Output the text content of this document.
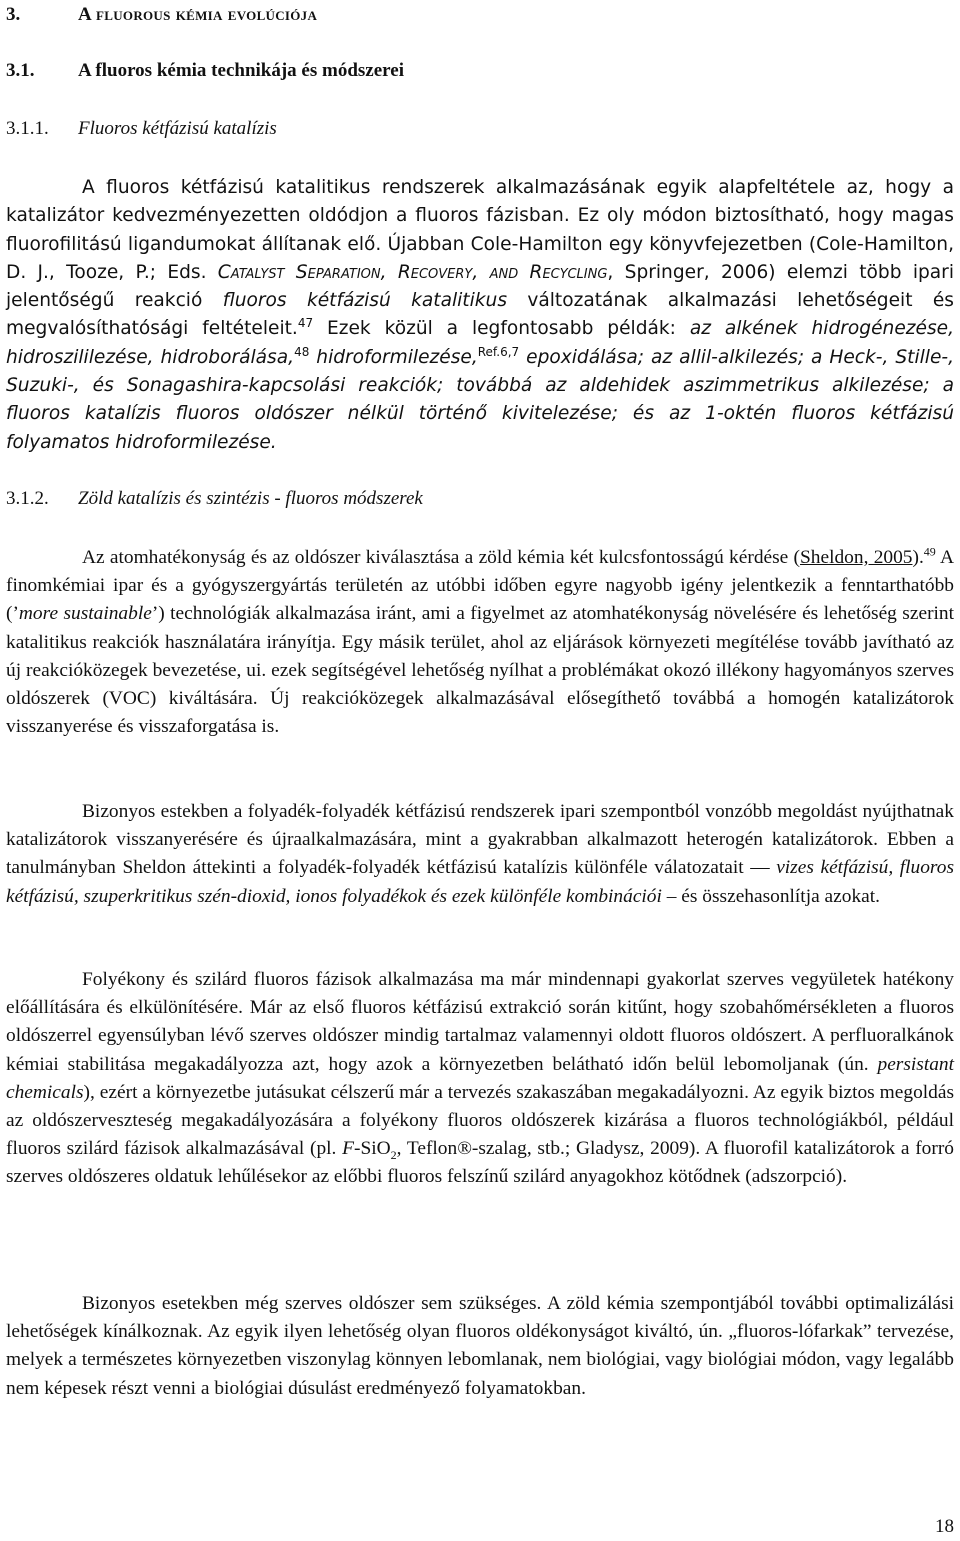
3.	A fluorous kémia evolúciója
3.1. A fluoros kémia technikája és módszerei
3.1.1. Fluoros kétfázisú katalízis

A fluoros kétfázisú katalitikus rendszerek alkalmazásának egyik alapfeltétele az, hogy a katalizátor kedvezményezetten oldódjon a fluoros fázisban. Ez oly módon biztosítható, hogy magas fluorofilitású ligandumokat állítanak elő. Újabban Cole-Hamilton egy könyvfejezetben (Cole-Hamilton, D. J., Tooze, P.; Eds. Catalyst Separation, Recovery, and Recycling, Springer, 2006) elemzi több ipari jelentőségű reakció fluoros kétfázisú katalitikus változatának alkalmazási lehetőségeit és megvalósíthatósági feltételeit.$^{47}$ Ezek közül a legfontosabb példák: az alkének hidrogénezése, hidroszililezése, hidroborálása,$^{48}$ hidroformilezése,$^{Ref.6,7}$ epoxidálása; az allil-alkilezés; a Heck-, Stille-, Suzuki-, és Sonagashira-kapcsolási reakciók; továbbá az aldehidek aszimmetrikus alkilezése; a fluoros katalízis fluoros oldószer nélkül történő kivitelezése; és az 1-oktén fluoros kétfázisú folyamatos hidroformilezése.

3.1.2. Zöld katalízis és szintézis - fluoros módszerek

Az atomhatékonyság és az oldószer kiválasztása a zöld kémia két kulcsfontosságú kérdése (Sheldon, 2005).$^{49}$ A finomkémiai ipar és a gyógyszergyártás területén az utóbbi időben egyre nagyobb igény jelentkezik a fenntarthatóbb (’more sustainable’) technológiák alkalmazása iránt, ami a figyelmet az atomhatékonyság növelésére és lehetőség szerint katalitikus reakciók használatára irányítja. Egy másik terület, ahol az eljárások környezeti megítélése tovább javítható az új reakcióközegek bevezetése, ui. ezek segítségével lehetőség nyílhat a problémákat okozó illékony hagyományos szerves oldószerek (VOC) kiváltására. Új reakcióközegek alkalmazásával elősegíthető továbbá a homogén katalizátorok visszanyerése és visszaforgatása is.

Bizonyos estekben a folyadék-folyadék kétfázisú rendszerek ipari szempontból vonzóbb megoldást nyújthatnak katalizátorok visszanyerésére és újraalkalmazására, mint a gyakrabban alkalmazott heterogén katalizátorok. Ebben a tanulmányban Sheldon áttekinti a folyadék-folyadék kétfázisú katalízis különféle válatozatait — vizes kétfázisú, fluoros kétfázisú, szuperkritikus szén-dioxid, ionos folyadékok és ezek különféle kombinációi – és összehasonlítja azokat.

Folyékony és szilárd fluoros fázisok alkalmazása ma már mindennapi gyakorlat szerves vegyületek hatékony előállítására és elkülönítésére. Már az első fluoros kétfázisú extrakció során kitűnt, hogy szobahőmérsékleten a fluoros oldószerrel egyensúlyban lévő szerves oldószer mindig tartalmaz valamennyi oldott fluoros oldószert. A perfluoralkánok kémiai stabilitása megakadályozza azt, hogy azok a környezetben belátható időn belül lebomoljanak (ún. persistant chemicals), ezért a környezetbe jutásukat célszerű már a tervezés szakaszában megakadályozni. Az egyik biztos megoldás az oldószerveszteség megakadályozására a folyékony fluoros oldószerek kizárása a fluoros technológiákból, például fluoros szilárd fázisok alkalmazásával (pl. F-SiO$_2$, Teflon®-szalag, stb.; Gladysz, 2009). A fluorofil katalizátorok a forró szerves oldószeres oldatuk lehűlésekor az előbbi fluoros felszínű szilárd anyagokhoz kötődnek (adszorpció).

Bizonyos esetekben még szerves oldószer sem szükséges. A zöld kémia szempontjából további optimalizálási lehetőségek kínálkoznak. Az egyik ilyen lehetőség olyan fluoros oldékonyságot kiváltó, ún. „fluoros-lófarkak” tervezése, melyek a természetes környezetben viszonylag könnyen lebomlanak, nem biológiai, vagy biológiai módon, vagy legalább nem képesek részt venni a biológiai dúsulást eredményező folyamatokban.

18
